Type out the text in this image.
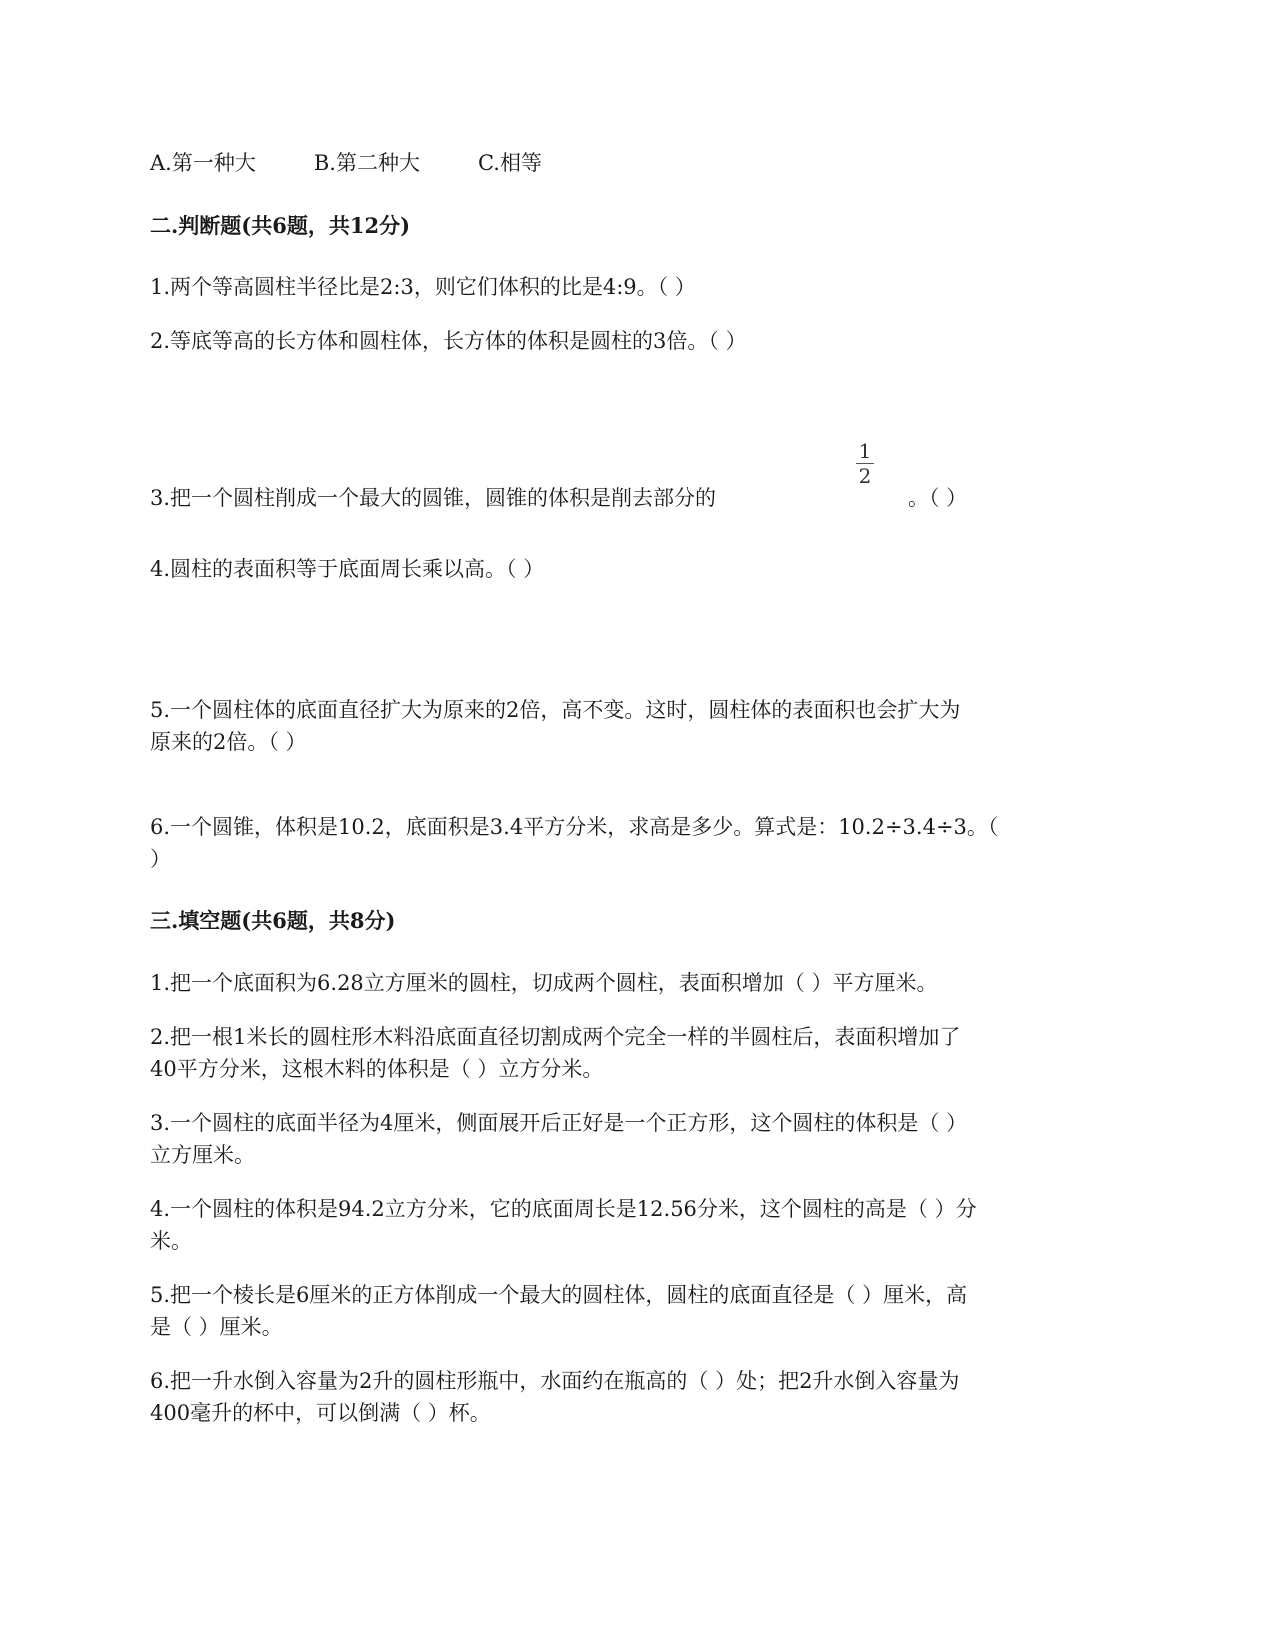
A.第一种大	B.第二种大	C.相等
二.判断题(共6题，共12分)
1.两个等高圆柱半径比是2:3，则它们体积的比是4:9。（ ）
2.等底等高的长方体和圆柱体，长方体的体积是圆柱的3倍。（ ）
3.把一个圆柱削成一个最大的圆锥，圆锥的体积是削去部分的
1
2
。（ ）
4.圆柱的表面积等于底面周长乘以高。（ ）
5.一个圆柱体的底面直径扩大为原来的2倍，高不变。这时，圆柱体的表面积也会扩大为
原来的2倍。（ ）
6.一个圆锥，体积是10.2，底面积是3.4平方分米，求高是多少。算式是：10.2÷3.4÷3。（
）
三.填空题(共6题，共8分)
1.把一个底面积为6.28立方厘米的圆柱，切成两个圆柱，表面积增加（ ）平方厘米。
2.把一根1米长的圆柱形木料沿底面直径切割成两个完全一样的半圆柱后，表面积增加了
40平方分米，这根木料的体积是（ ）立方分米。
3.一个圆柱的底面半径为4厘米，侧面展开后正好是一个正方形，这个圆柱的体积是（ ）
立方厘米。
4.一个圆柱的体积是94.2立方分米，它的底面周长是12.56分米，这个圆柱的高是（ ）分
米。
5.把一个棱长是6厘米的正方体削成一个最大的圆柱体，圆柱的底面直径是（ ）厘米，高
是（ ）厘米。
6.把一升水倒入容量为2升的圆柱形瓶中，水面约在瓶高的（ ）处；把2升水倒入容量为
400毫升的杯中，可以倒满（ ）杯。
